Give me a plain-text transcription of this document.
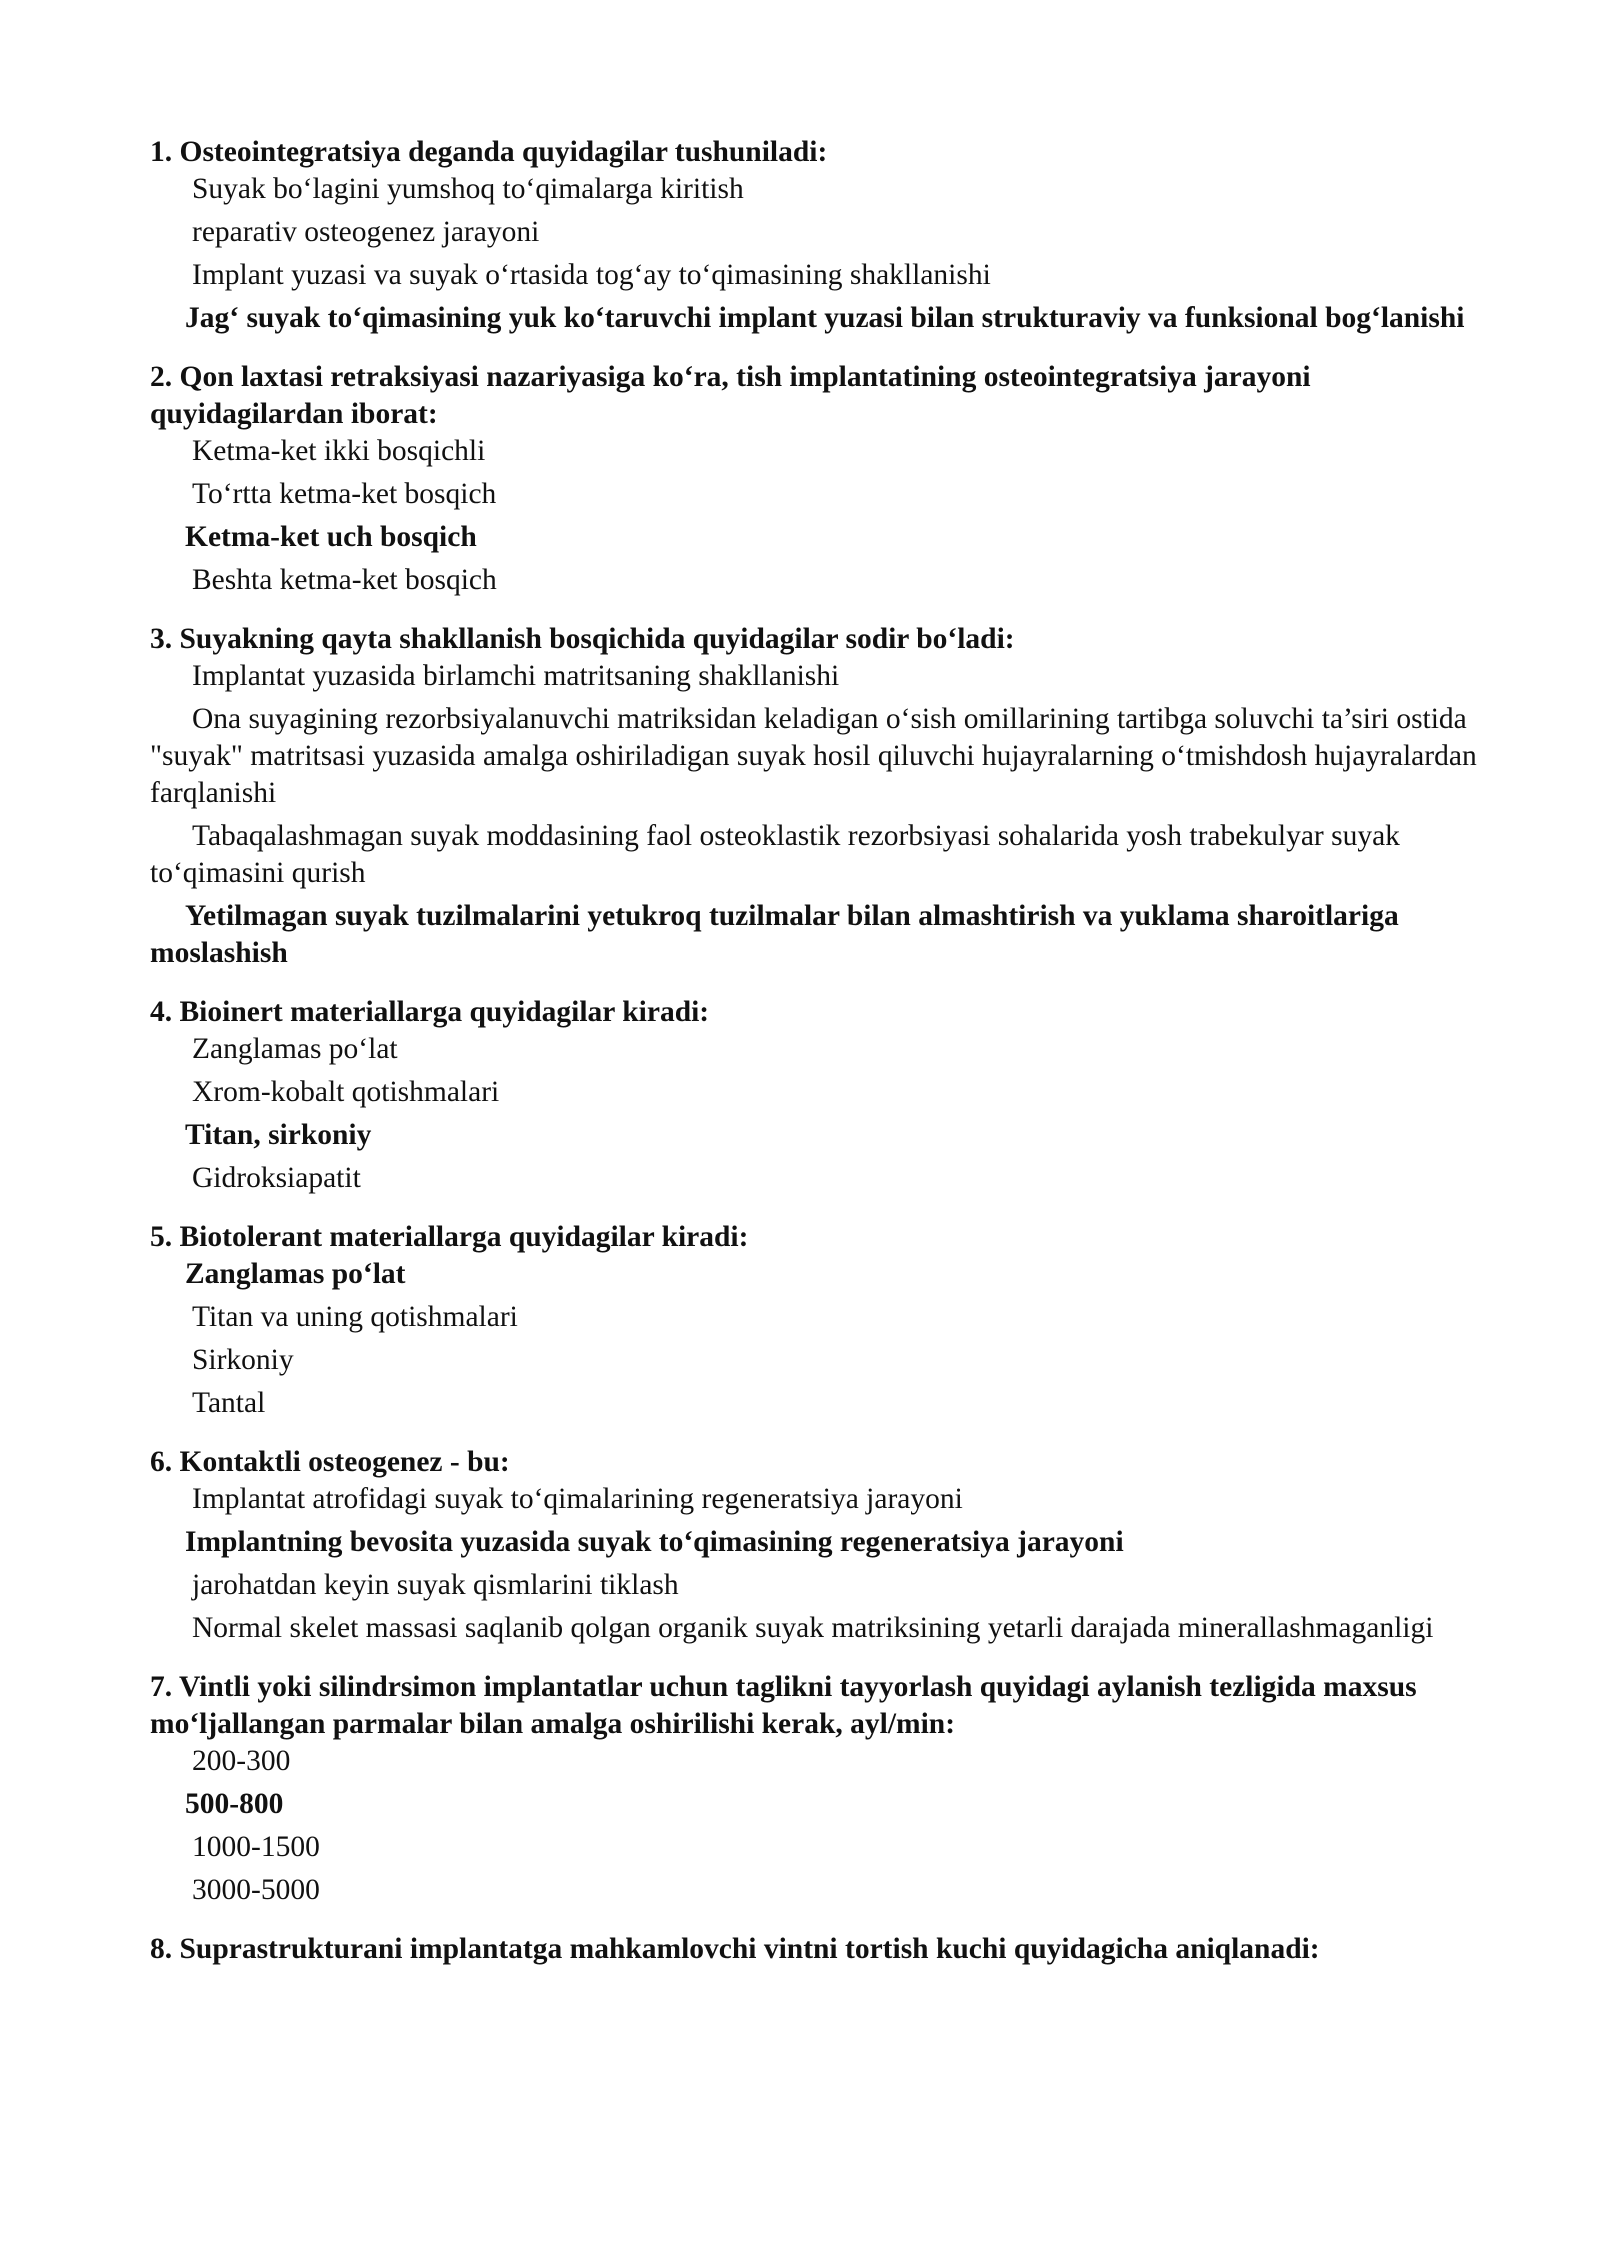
1. Osteointegratsiya deganda quyidagilar tushuniladi:

Suyak bo‘lagini yumshoq to‘qimalarga kiritish

reparativ osteogenez jarayoni

Implant yuzasi va suyak o‘rtasida tog‘ay to‘qimasining shakllanishi

Jag‘ suyak to‘qimasining yuk ko‘taruvchi implant yuzasi bilan strukturaviy va funksional bog‘lanishi

2. Qon laxtasi retraksiyasi nazariyasiga ko‘ra, tish implantatining osteointegratsiya jarayoni quyidagilardan iborat:

Ketma-ket ikki bosqichli

To‘rtta ketma-ket bosqich

Ketma-ket uch bosqich

Beshta ketma-ket bosqich

3. Suyakning qayta shakllanish bosqichida quyidagilar sodir bo‘ladi:

Implantat yuzasida birlamchi matritsaning shakllanishi

Ona suyagining rezorbsiyalanuvchi matriksidan keladigan o‘sish omillarining tartibga soluvchi ta’siri ostida "suyak" matritsasi yuzasida amalga oshiriladigan suyak hosil qiluvchi hujayralarning o‘tmishdosh hujayralardan farqlanishi

Tabaqalashmagan suyak moddasining faol osteoklastik rezorbsiyasi sohalarida yosh trabekulyar suyak to‘qimasini qurish

Yetilmagan suyak tuzilmalarini yetukroq tuzilmalar bilan almashtirish va yuklama sharoitlariga moslashish

4. Bioinert materiallarga quyidagilar kiradi:

Zanglamas po‘lat

Xrom-kobalt qotishmalari

Titan, sirkoniy

Gidroksiapatit

5. Biotolerant materiallarga quyidagilar kiradi:

Zanglamas po‘lat

Titan va uning qotishmalari

Sirkoniy

Tantal

6. Kontaktli osteogenez - bu:

Implantat atrofidagi suyak to‘qimalarining regeneratsiya jarayoni

Implantning bevosita yuzasida suyak to‘qimasining regeneratsiya jarayoni

jarohatdan keyin suyak qismlarini tiklash

Normal skelet massasi saqlanib qolgan organik suyak matriksining yetarli darajada minerallashmaganligi

7. Vintli yoki silindrsimon implantatlar uchun taglikni tayyorlash quyidagi aylanish tezligida maxsus mo‘ljallangan parmalar bilan amalga oshirilishi kerak, ayl/min:

200-300

500-800

1000-1500

3000-5000

8. Suprastrukturani implantatga mahkamlovchi vintni tortish kuchi quyidagicha aniqlanadi:
